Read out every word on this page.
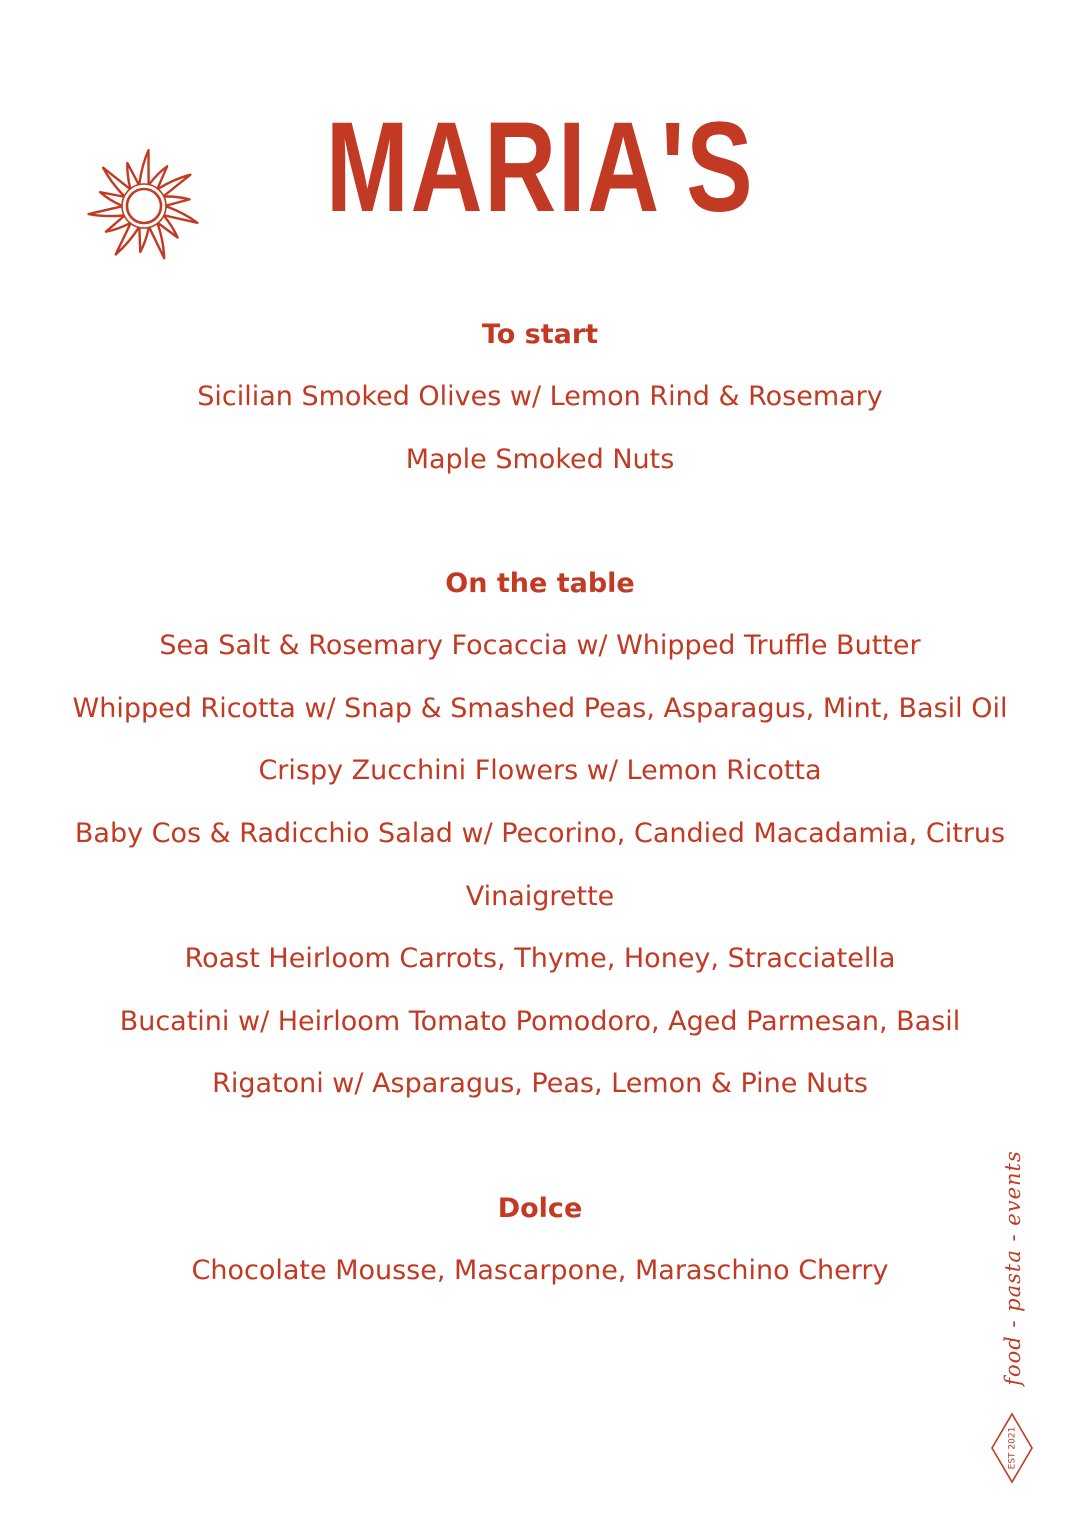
MARIA'S
To start
Sicilian Smoked Olives w/ Lemon Rind & Rosemary
Maple Smoked Nuts
On the table
Sea Salt & Rosemary Focaccia w/ Whipped Truffle Butter
Whipped Ricotta w/ Snap & Smashed Peas, Asparagus, Mint, Basil Oil
Crispy Zucchini Flowers w/ Lemon Ricotta
Baby Cos & Radicchio Salad w/ Pecorino, Candied Macadamia, Citrus Vinaigrette
Roast Heirloom Carrots, Thyme, Honey, Stracciatella
Bucatini w/ Heirloom Tomato Pomodoro, Aged Parmesan, Basil
Rigatoni w/ Asparagus, Peas, Lemon & Pine Nuts
Dolce
Chocolate Mousse, Mascarpone, Maraschino Cherry	food - pasta - events
EST 2021
